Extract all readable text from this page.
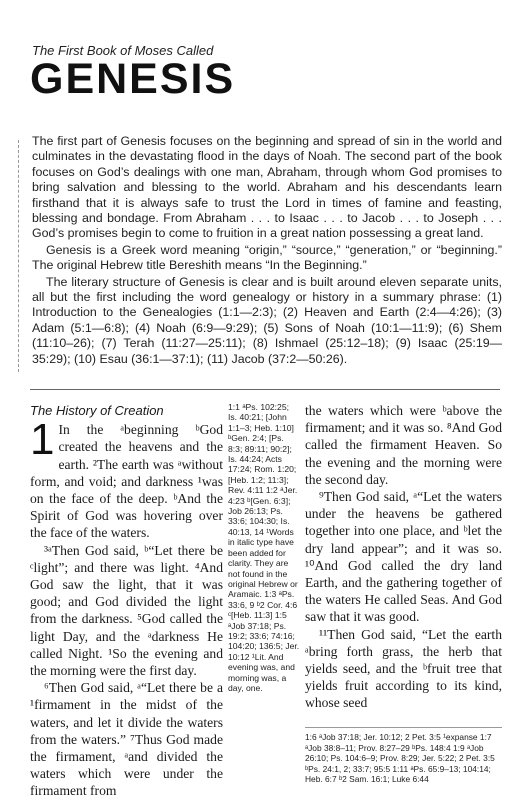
The First Book of Moses Called
GENESIS

The first part of Genesis focuses on the beginning and spread of sin in the world and culminates in the devastating flood in the days of Noah. The second part of the book focuses on God’s dealings with one man, Abraham, through whom God promises to bring salvation and blessing to the world. Abraham and his descendants learn firsthand that it is always safe to trust the Lord in times of famine and feasting, blessing and bondage. From Abraham . . . to Isaac . . . to Jacob . . . to Joseph . . . God’s promises begin to come to fruition in a great nation possessing a great land.

Genesis is a Greek word meaning “origin,” “source,” “generation,” or “beginning.” The original Hebrew title Bereshith means “In the Beginning.”

The literary structure of Genesis is clear and is built around eleven separate units, all but the first including the word genealogy or history in a summary phrase: (1) Introduction to the Genealogies (1:1—2:3); (2) Heaven and Earth (2:4—4:26); (3) Adam (5:1—6:8); (4) Noah (6:9—9:29); (5) Sons of Noah (10:1—11:9); (6) Shem (11:10–26); (7) Terah (11:27—25:11); (8) Ishmael (25:12–18); (9) Isaac (25:19—35:29); (10) Esau (36:1—37:1); (11) Jacob (37:2—50:26).

The History of Creation
1 In the ᵃbeginning ᵇGod created the heavens and the earth. ²The earth was ᵃwithout form, and void; and darkness ¹was on the face of the deep. ᵇAnd the Spirit of God was hovering over the face of the waters.

³ᵃThen God said, ᵇ“Let there be ᶜlight”; and there was light. ⁴And God saw the light, that it was good; and God divided the light from the darkness. ⁵God called the light Day, and the ᵃdarkness He called Night. ¹So the evening and the morning were the first day.

⁶Then God said, ᵃ“Let there be a ¹firmament in the midst of the waters, and let it divide the waters from the waters.” ⁷Thus God made the firmament, ᵃand divided the waters which were under the firmament from

1:1 ᵃPs. 102:25; Is. 40:21; [John 1:1–3; Heb. 1:10] ᵇGen. 2:4; [Ps. 8:3; 89:11; 90:2]; Is. 44:24; Acts 17:24; Rom. 1:20; [Heb. 1:2; 11:3]; Rev. 4:11 1:2 ᵃJer. 4:23 ᵇ[Gen. 6:3]; Job 26:13; Ps. 33:6; 104:30; Is. 40:13, 14 ¹Words in italic type have been added for clarity. They are not found in the original Hebrew or Aramaic. 1:3 ᵃPs. 33:6, 9 ᵇ2 Cor. 4:6 ᶜ[Heb. 11:3] 1:5 ᵃJob 37:18; Ps. 19:2; 33:6; 74:16; 104:20; 136:5; Jer. 10:12 ¹Lit. And evening was, and morning was, a day, one.

the waters which were ᵇabove the firmament; and it was so. ⁸And God called the firmament Heaven. So the evening and the morning were the second day.

⁹Then God said, ᵃ“Let the waters under the heavens be gathered together into one place, and ᵇlet the dry land appear”; and it was so. ¹⁰And God called the dry land Earth, and the gathering together of the waters He called Seas. And God saw that it was good.

¹¹Then God said, “Let the earth ᵃbring forth grass, the herb that yields seed, and the ᵇfruit tree that yields fruit according to its kind, whose seed

1:6 ᵃJob 37:18; Jer. 10:12; 2 Pet. 3:5 ¹expanse 1:7 ᵃJob 38:8–11; Prov. 8:27–29 ᵇPs. 148:4 1:9 ᵃJob 26:10; Ps. 104:6–9; Prov. 8:29; Jer. 5:22; 2 Pet. 3:5 ᵇPs. 24:1, 2; 33:7; 95:5 1:11 ᵃPs. 65:9–13; 104:14; Heb. 6:7 ᵇ2 Sam. 16:1; Luke 6:44
